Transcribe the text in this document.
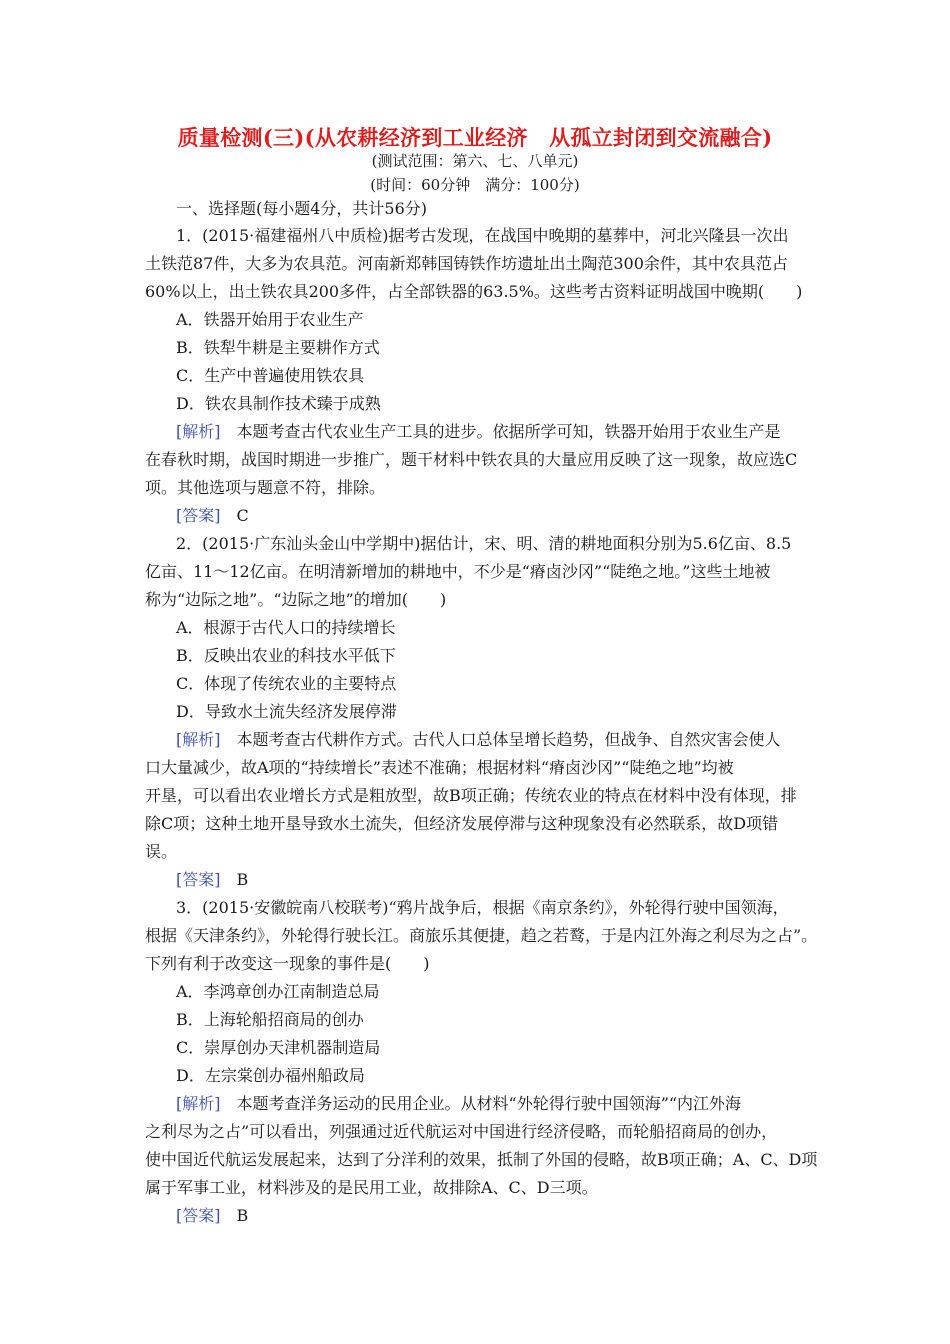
质量检测(三)(从农耕经济到工业经济　从孤立封闭到交流融合)
(测试范围：第六、七、八单元)
(时间：60分钟　满分：100分)
一、选择题(每小题4分，共计56分)
1．(2015·福建福州八中质检)据考古发现，在战国中晚期的墓葬中，河北兴隆县一次出
土铁范87件，大多为农具范。河南新郑韩国铸铁作坊遗址出土陶范300余件，其中农具范占
60%以上，出土铁农具200多件，占全部铁器的63.5%。这些考古资料证明战国中晚期(　　)
A．铁器开始用于农业生产
B．铁犁牛耕是主要耕作方式
C．生产中普遍使用铁农具
D．铁农具制作技术臻于成熟
[解析]　 本题考查古代农业生产工具的进步。依据所学可知，铁器开始用于农业生产是
在春秋时期，战国时期进一步推广，题干材料中铁农具的大量应用反映了这一现象，故应选C
项。其他选项与题意不符，排除。
[答案]　 C
2．(2015·广东汕头金山中学期中)据估计，宋、明、清的耕地面积分别为5.6亿亩、8.5
亿亩、11～12亿亩。在明清新增加的耕地中，不少是“瘠卤沙冈”“陡绝之地。”这些土地被
称为“边际之地”。“边际之地”的增加(　　)
A．根源于古代人口的持续增长
B．反映出农业的科技水平低下
C．体现了传统农业的主要特点
D．导致水土流失经济发展停滞
[解析]　 本题考查古代耕作方式。古代人口总体呈增长趋势，但战争、自然灾害会使人
口大量减少，故A项的“持续增长”表述不准确；根据材料“瘠卤沙冈”“陡绝之地”均被
开垦，可以看出农业增长方式是粗放型，故B项正确；传统农业的特点在材料中没有体现，排
除C项；这种土地开垦导致水土流失，但经济发展停滞与这种现象没有必然联系，故D项错
误。
[答案]　 B
3．(2015·安徽皖南八校联考)“鸦片战争后，根据《南京条约》，外轮得行驶中国领海，
根据《天津条约》，外轮得行驶长江。商旅乐其便捷，趋之若鹜，于是内江外海之利尽为之占”。
下列有利于改变这一现象的事件是(　　)
A．李鸿章创办江南制造总局
B．上海轮船招商局的创办
C．崇厚创办天津机器制造局
D．左宗棠创办福州船政局
[解析]　 本题考查洋务运动的民用企业。从材料“外轮得行驶中国领海”“内江外海
之利尽为之占”可以看出，列强通过近代航运对中国进行经济侵略，而轮船招商局的创办，
使中国近代航运发展起来，达到了分洋利的效果，抵制了外国的侵略，故B项正确；A、C、D项
属于军事工业，材料涉及的是民用工业，故排除A、C、D三项。
[答案]　 B
